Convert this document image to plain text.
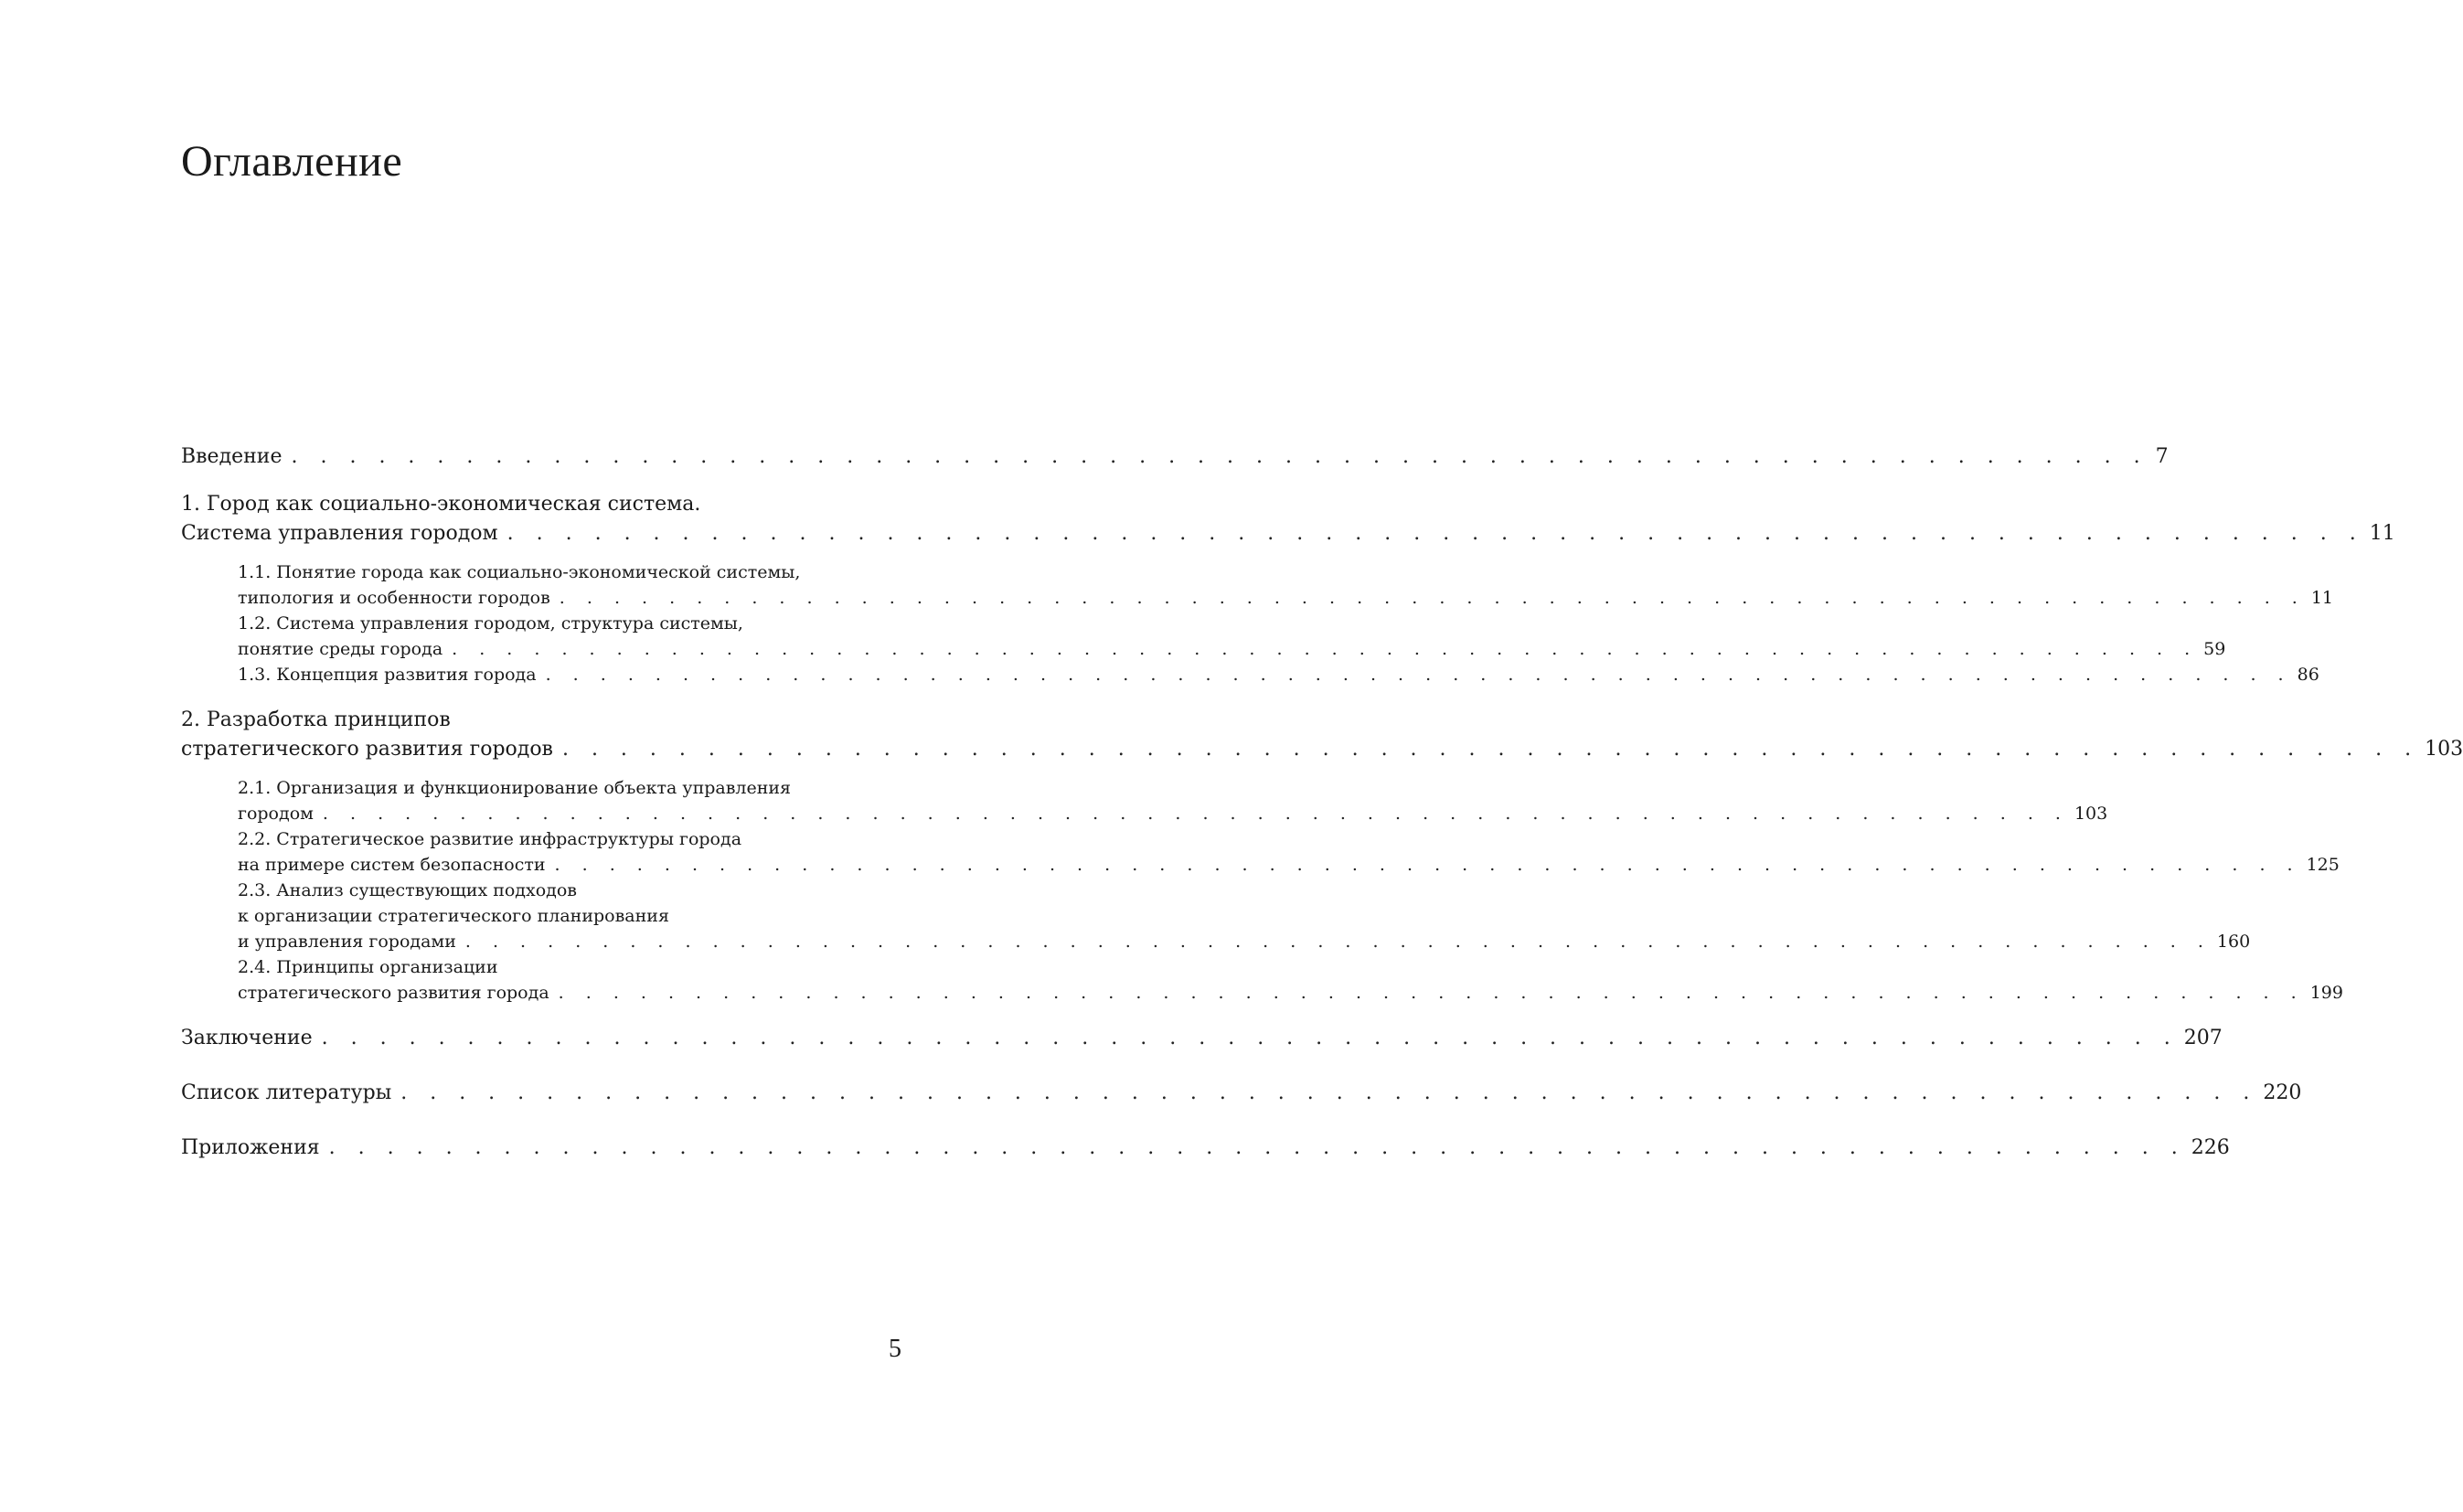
Оглавление
Введение . . . . . . . . . . . . . . . . . . . . . . . . . . . . . . . . . . . . . . . . . . . . . . . . . . . . . . . . . . . . . . . . 7
1. Город как социально-экономическая система.
Система управления городом . . . . . . . . . . . . . . . . . . . . . . . . . . . . . . . . . . . . . . . . . . . . . . . . . . . . . . . . . . . . . . . . 11
1.1. Понятие города как социально-экономической системы,
типология и особенности городов . . . . . . . . . . . . . . . . . . . . . . . . . . . . . . . . . . . . . . . . . . . . . . . . . . . . . . . . . . . . . . . . 11
1.2. Система управления городом, структура системы,
понятие среды города . . . . . . . . . . . . . . . . . . . . . . . . . . . . . . . . . . . . . . . . . . . . . . . . . . . . . . . . . . . . . . . . 59
1.3. Концепция развития города . . . . . . . . . . . . . . . . . . . . . . . . . . . . . . . . . . . . . . . . . . . . . . . . . . . . . . . . . . . . . . . . 86
2. Разработка принципов
стратегического развития городов . . . . . . . . . . . . . . . . . . . . . . . . . . . . . . . . . . . . . . . . . . . . . . . . . . . . . . . . . . . . . . . . 103
2.1. Организация и функционирование объекта управления
городом . . . . . . . . . . . . . . . . . . . . . . . . . . . . . . . . . . . . . . . . . . . . . . . . . . . . . . . . . . . . . . . . 103
2.2. Стратегическое развитие инфраструктуры города
на примере систем безопасности . . . . . . . . . . . . . . . . . . . . . . . . . . . . . . . . . . . . . . . . . . . . . . . . . . . . . . . . . . . . . . . . 125
2.3. Анализ существующих подходов
к организации стратегического планирования
и управления городами . . . . . . . . . . . . . . . . . . . . . . . . . . . . . . . . . . . . . . . . . . . . . . . . . . . . . . . . . . . . . . . . 160
2.4. Принципы организации
стратегического развития города . . . . . . . . . . . . . . . . . . . . . . . . . . . . . . . . . . . . . . . . . . . . . . . . . . . . . . . . . . . . . . . . 199
Заключение . . . . . . . . . . . . . . . . . . . . . . . . . . . . . . . . . . . . . . . . . . . . . . . . . . . . . . . . . . . . . . . . 207
Список литературы . . . . . . . . . . . . . . . . . . . . . . . . . . . . . . . . . . . . . . . . . . . . . . . . . . . . . . . . . . . . . . . . 220
Приложения . . . . . . . . . . . . . . . . . . . . . . . . . . . . . . . . . . . . . . . . . . . . . . . . . . . . . . . . . . . . . . . . 226
5
